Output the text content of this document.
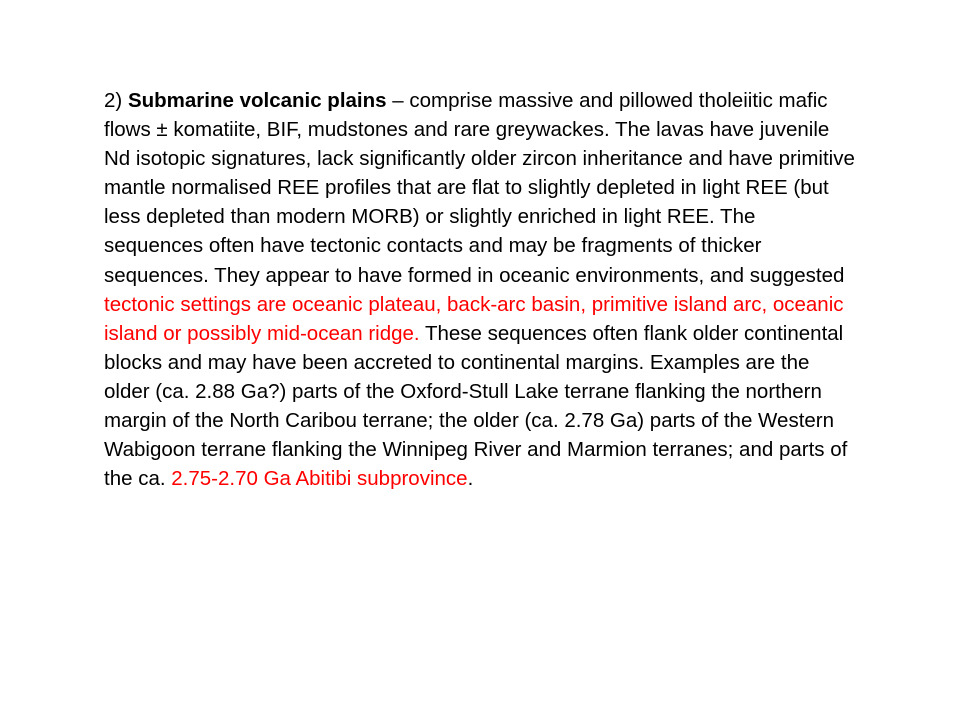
2) Submarine volcanic plains – comprise massive and pillowed tholeiitic mafic flows ± komatiite, BIF, mudstones and rare greywackes. The lavas have juvenile Nd isotopic signatures, lack significantly older zircon inheritance and have primitive mantle normalised REE profiles that are flat to slightly depleted in light REE (but less depleted than modern MORB) or slightly enriched in light REE. The sequences often have tectonic contacts and may be fragments of thicker sequences. They appear to have formed in oceanic environments, and suggested tectonic settings are oceanic plateau, back-arc basin, primitive island arc, oceanic island or possibly mid-ocean ridge. These sequences often flank older continental blocks and may have been accreted to continental margins. Examples are the older (ca. 2.88 Ga?) parts of the Oxford-Stull Lake terrane flanking the northern margin of the North Caribou terrane; the older (ca. 2.78 Ga) parts of the Western Wabigoon terrane flanking the Winnipeg River and Marmion terranes; and parts of the ca. 2.75-2.70 Ga Abitibi subprovince.
